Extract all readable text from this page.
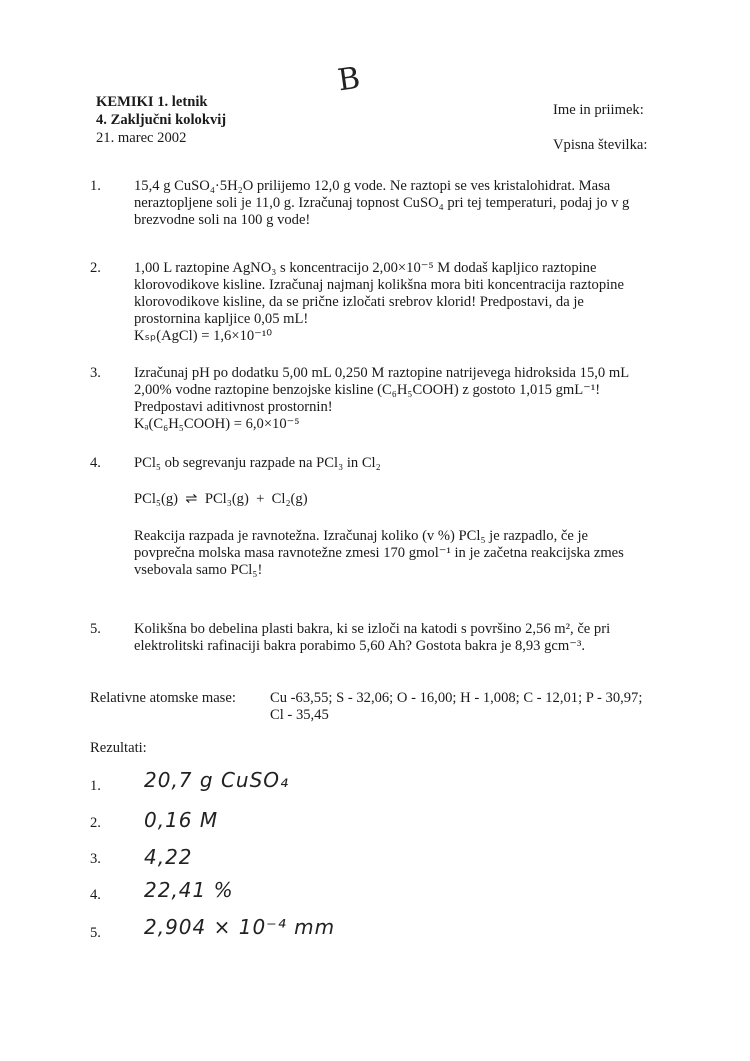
B
KEMIKI 1. letnik
4. Zaključni kolokvij
21. marec 2002
Ime in priimek:
Vpisna številka:
1. 15,4 g CuSO₄·5H₂O prilijemo 12,0 g vode. Ne raztopi se ves kristalohidrat. Masa
neraztopljene soli je 11,0 g. Izračunaj topnost CuSO₄ pri tej temperaturi, podaj jo v g
brezvodne soli na 100 g vode!
2. 1,00 L raztopine AgNO₃ s koncentracijo 2,00×10⁻⁵ M dodaš kapljico raztopine
klorovodikove kisline. Izračunaj najmanj kolikšna mora biti koncentracija raztopine
klorovodikove kisline, da se prične izločati srebrov klorid! Predpostavi, da je
prostornina kapljice 0,05 mL!
Kₛₚ(AgCl) = 1,6×10⁻¹⁰
3. Izračunaj pH po dodatku 5,00 mL 0,250 M raztopine natrijevega hidroksida 15,0 mL
2,00% vodne raztopine benzojske kisline (C₆H₅COOH) z gostoto 1,015 gmL⁻¹!
Predpostavi aditivnost prostornin!
Kₐ(C₆H₅COOH) = 6,0×10⁻⁵
4. PCl₅ ob segrevanju razpade na PCl₃ in Cl₂
PCl₅(g)  ⇌  PCl₃(g)  +  Cl₂(g)
Reakcija razpada je ravnotežna. Izračunaj koliko (v %) PCl₅ je razpadlo, če je
povprečna molska masa ravnotežne zmesi 170 gmol⁻¹ in je začetna reakcijska zmes
vsebovala samo PCl₅!
5. Kolikšna bo debelina plasti bakra, ki se izloči na katodi s površino 2,56 m², če pri
elektrolitski rafinaciji bakra porabimo 5,60 Ah? Gostota bakra je 8,93 gcm⁻³.
Relativne atomske mase: Cu -63,55; S - 32,06; O - 16,00; H - 1,008; C - 12,01; P - 30,97;
Cl - 35,45
Rezultati:
1. 20,7 g CuSO₄
2. 0,16 M
3. 4,22
4. 22,41 %
5. 2,904 × 10⁻⁴ mm
